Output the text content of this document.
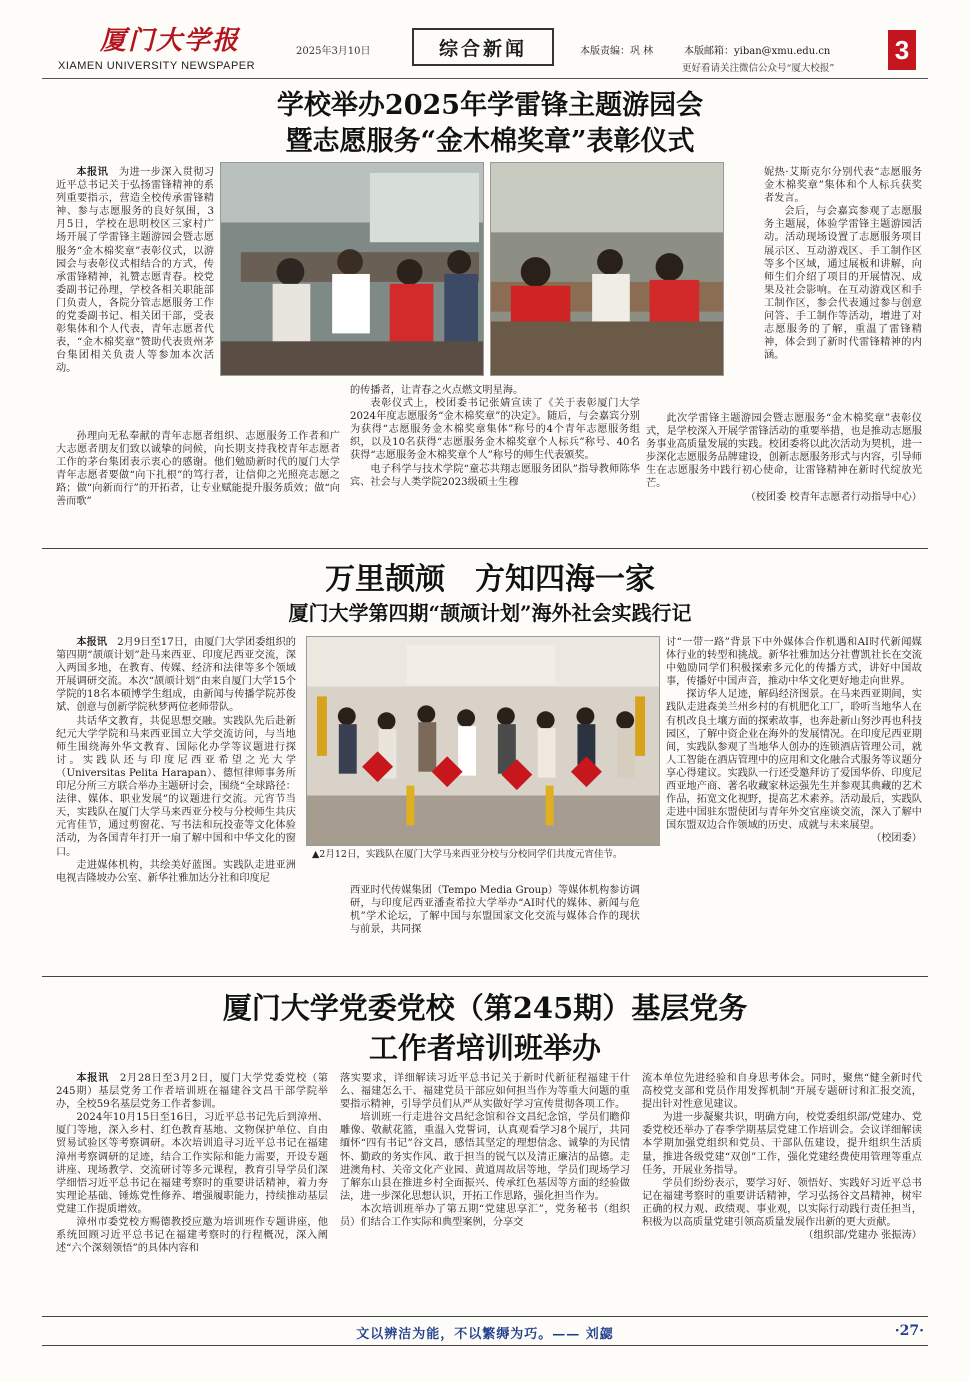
厦门大学报
XIAMEN UNIVERSITY NEWSPAPER
2025年3月10日	综合新闻	本版责编：巩 林	本版邮箱：yiban@xmu.edu.cn
更好看请关注微信公众号“厦大校报”
3
学校举办2025年学雷锋主题游园会
暨志愿服务“金木棉奖章”表彰仪式

本报讯　 为进一步深入贯彻习近平总书记关于弘扬雷锋精神的系列重要指示，营造全校传承雷锋精神、参与志愿服务的良好氛围，3月5日，学校在思明校区三家村广场开展了学雷锋主题游园会暨志愿服务“金木棉奖章”表彰仪式，以游园会与表彰仪式相结合的方式，传承雷锋精神，礼赞志愿青春。校党委副书记孙理，学校各相关职能部门负责人，各院分管志愿服务工作的党委副书记、相关团干部，受表彰集体和个人代表，青年志愿者代表，“金木棉奖章”赞助代表贵州茅台集团相关负责人等参加本次活动。

孙理向无私奉献的青年志愿者组织、志愿服务工作者和广大志愿者朋友们致以诚挚的问候，向长期支持我校青年志愿者工作的茅台集团表示衷心的感谢。他们勉励新时代的厦门大学青年志愿者要做“向下扎根”的笃行者，让信仰之光照亮志愿之路；做“向新而行”的开拓者，让专业赋能提升服务质效；做“向善而歌”

的传播者，让青春之火点燃文明星海。

表彰仪式上，校团委书记张婧宣读了《关于表彰厦门大学2024年度志愿服务“金木棉奖章”的决定》。随后，与会嘉宾分别为获得“志愿服务金木棉奖章集体”称号的4个青年志愿服务组织，以及10名获得“志愿服务金木棉奖章个人标兵”称号、40名获得“志愿服务金木棉奖章个人”称号的师生代表颁奖。

电子科学与技术学院“童芯共翔志愿服务团队”指导教师陈华宾、社会与人类学院2023级硕士生穆

妮热·艾斯克尔分别代表“志愿服务金木棉奖章”集体和个人标兵获奖者发言。

会后，与会嘉宾参观了志愿服务主题展，体验学雷锋主题游园活动。活动现场设置了志愿服务项目展示区、互动游戏区、手工制作区等多个区域，通过展板和讲解，向师生们介绍了项目的开展情况、成果及社会影响。在互动游戏区和手工制作区，参会代表通过参与创意问答、手工制作等活动，增进了对志愿服务的了解，重温了雷锋精神，体会到了新时代雷锋精神的内涵。

此次学雷锋主题游园会暨志愿服务“金木棉奖章”表彰仪式，是学校深入开展学雷锋活动的重要举措，也是推动志愿服务事业高质量发展的实践。校团委将以此次活动为契机，进一步深化志愿服务品牌建设，创新志愿服务形式与内容，引导师生在志愿服务中践行初心使命，让雷锋精神在新时代绽放光芒。

（校团委 校青年志愿者行动指导中心）

万里颉颃　方知四海一家
厦门大学第四期“颉颃计划”海外社会实践行记
▲2月12日，实践队在厦门大学马来西亚分校与分校同学们共度元宵佳节。

本报讯　 2月9日至17日，由厦门大学团委组织的第四期“颉颃计划”赴马来西亚、印度尼西亚交流，深入两国多地，在教育、传媒、经济和法律等多个领域开展调研交流。本次“颉颃计划”由来自厦门大学15个学院的18名本硕博学生组成，由新闻与传播学院苏俊斌、创意与创新学院秋梦两位老师带队。

共话华文教育，共促思想交融。实践队先后赴新纪元大学学院和马来西亚国立大学交流访问，与当地师生围绕海外华文教育、国际化办学等议题进行探讨。实践队还与印度尼西亚希望之光大学（Universitas Pelita Harapan）、德恒律师事务所印尼分所三方联合举办主题研讨会，围绕“全球路径：法律、媒体、职业发展”的议题进行交流。元宵节当天，实践队在厦门大学马来西亚分校与分校师生共庆元宵佳节，通过剪窗花、写书法和玩投壶等文化体验活动，为各国青年打开一扇了解中国和中华文化的窗口。

走进媒体机构，共绘美好蓝图。实践队走进亚洲电视吉隆坡办公室、新华社雅加达分社和印度尼

西亚时代传媒集团（Tempo Media Group）等媒体机构参访调研，与印度尼西亚潘查希拉大学举办“AI时代的媒体、新闻与危机”学术论坛，了解中国与东盟国家文化交流与媒体合作的现状与前景，共同探

讨“一带一路”背景下中外媒体合作机遇和AI时代新闻媒体行业的转型和挑战。新华社雅加达分社曹凯社长在交流中勉励同学们积极探索多元化的传播方式，讲好中国故事，传播好中国声音，推动中华文化更好地走向世界。

探访华人足迹，解码经济图景。在马来西亚期间，实践队走进森美兰州乡村的有机肥化工厂，聆听当地华人在有机改良土壤方面的探索故事，也奔赴新山努沙再也科技园区，了解中资企业在海外的发展情况。在印度尼西亚期间，实践队参观了当地华人创办的连锁酒店管理公司，就人工智能在酒店管理中的应用和文化融合式服务等议题分享心得建议。实践队一行还受邀拜访了爱国华侨、印度尼西亚地产商、著名收藏家林运强先生并参观其典藏的艺术作品，拓宽文化视野，提高艺术素养。活动最后，实践队走进中国驻东盟使团与青年外交官座谈交流，深入了解中国东盟双边合作领域的历史、成就与未来展望。

（校团委）

厦门大学党委党校（第245期）基层党务
工作者培训班举办

本报讯　 2月28日至3月2日，厦门大学党委党校（第245期）基层党务工作者培训班在福建谷文昌干部学院举办，全校59名基层党务工作者参训。

2024年10月15日至16日，习近平总书记先后到漳州、厦门等地，深入乡村、红色教育基地、文物保护单位、自由贸易试验区等考察调研。本次培训追寻习近平总书记在福建漳州考察调研的足迹，结合工作实际和能力需要，开设专题讲座、现场教学、交流研讨等多元课程，教育引导学员们深学细悟习近平总书记在福建考察时的重要讲话精神，着力夯实理论基础、锤炼党性修养、增强履职能力，持续推动基层党建工作提质增效。

漳州市委党校方赐德教授应邀为培训班作专题讲座，他系统回顾习近平总书记在福建考察时的行程概况，深入阐述“六个深刻领悟”的具体内容和

落实要求，详细解读习近平总书记关于新时代新征程福建干什么、福建怎么干、福建党员干部应如何担当作为等重大问题的重要指示精神，引导学员们从严从实做好学习宣传贯彻各项工作。

培训班一行走进谷文昌纪念馆和谷文昌纪念馆，学员们瞻仰雕像、敬献花篮，重温入党誓词，认真观看学习8个展厅，共同缅怀“四有书记”谷文昌，感悟其坚定的理想信念、诚挚的为民情怀、勤政的务实作风、敢于担当的锐气以及清正廉洁的品德。走进澳角村、关帝文化产业园、黄道周故居等地，学员们现场学习了解东山县在推进乡村全面振兴、传承红色基因等方面的经验做法，进一步深化思想认识，开拓工作思路，强化担当作为。

本次培训班举办了第五期“党建思享汇”，党务秘书（组织员）们结合工作实际和典型案例，分享交

流本单位先进经验和自身思考体会。同时，聚焦“健全新时代高校党支部和党员作用发挥机制”开展专题研讨和汇报交流，提出针对性意见建议。

为进一步凝聚共识，明确方向，校党委组织部/党建办、党委党校还举办了春季学期基层党建工作培训会。会议详细解读本学期加强党组织和党员、干部队伍建设，提升组织生活质量，推进各级党建“双创”工作，强化党建经费使用管理等重点任务，开展业务指导。

学员们纷纷表示，要学习好、领悟好、实践好习近平总书记在福建考察时的重要讲话精神，学习弘扬谷文昌精神，树牢正确的权力观、政绩观、事业观，以实际行动践行责任担当，积极为以高质量党建引领高质量发展作出新的更大贡献。

（组织部/党建办 张振涛）

文以辨洁为能，不以繁缛为巧。—— 刘勰	·27·
